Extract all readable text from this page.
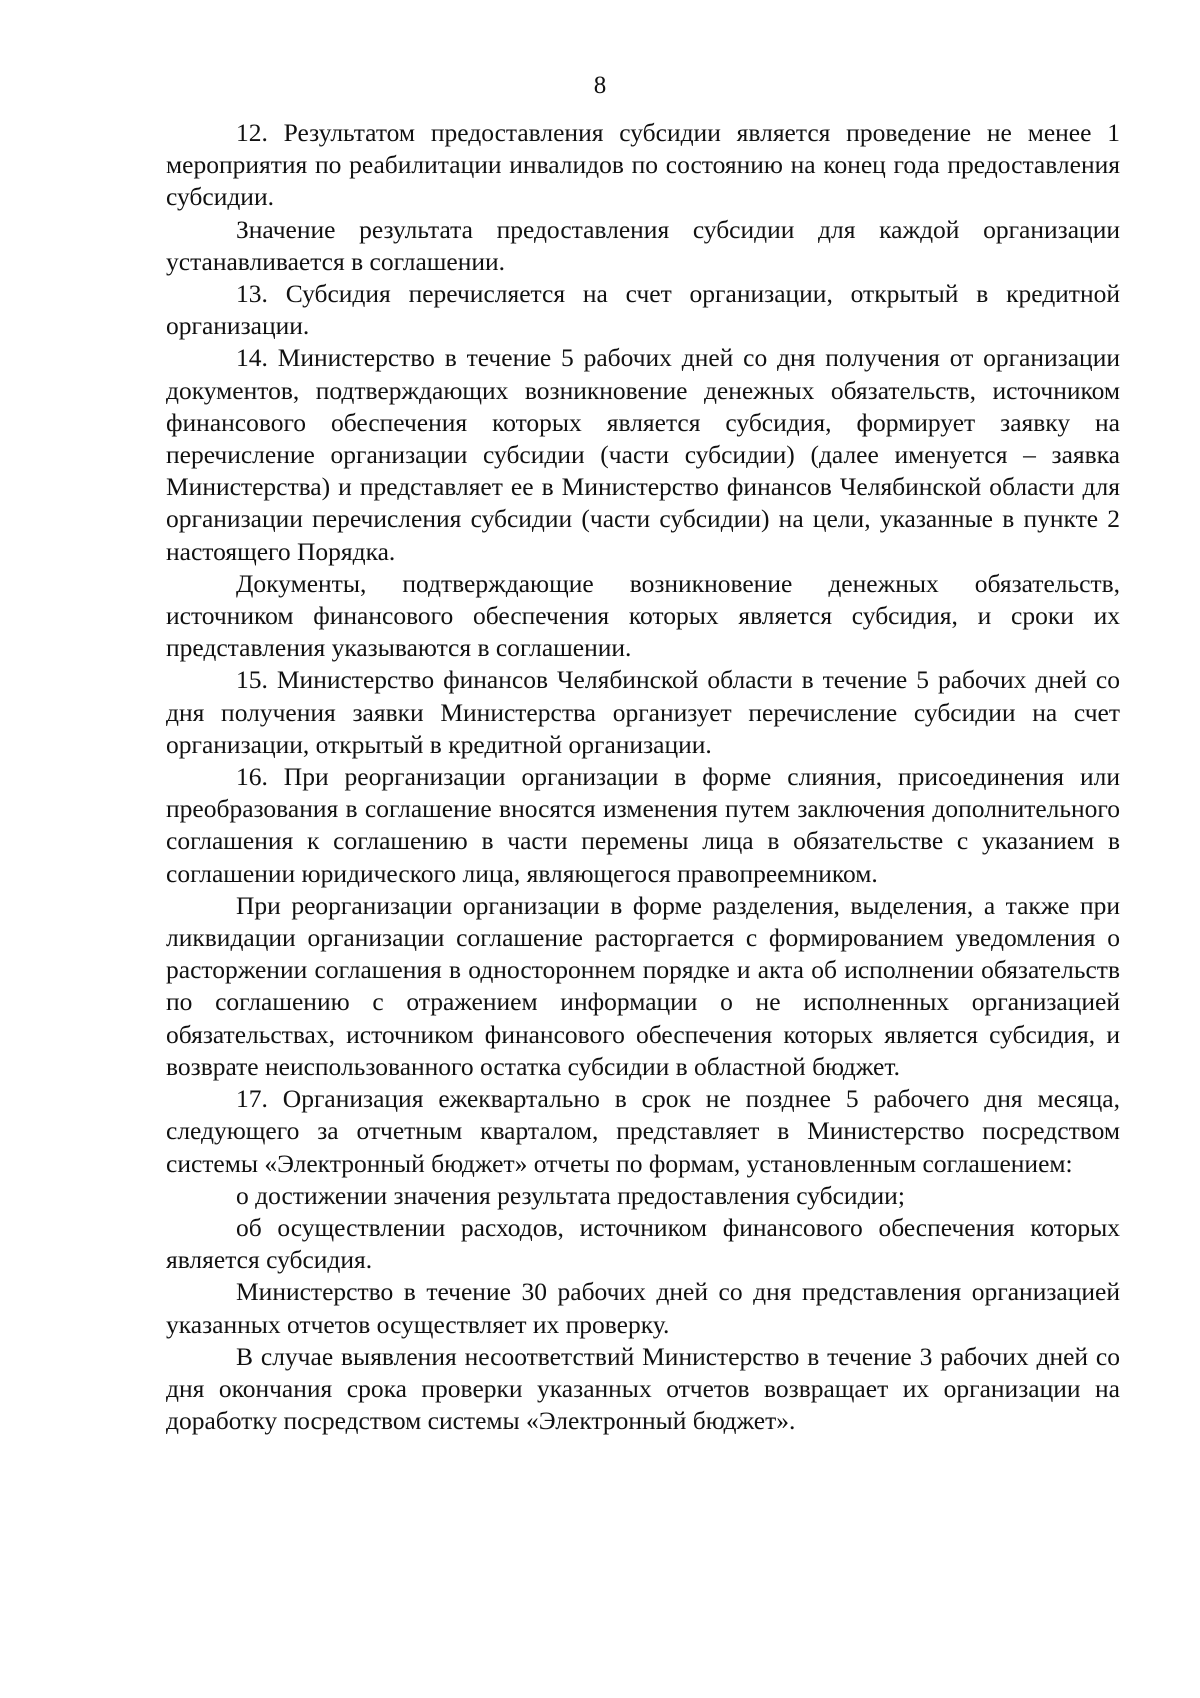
8

12. Результатом предоставления субсидии является проведение не менее 1 мероприятия по реабилитации инвалидов по состоянию на конец года предоставления субсидии.

Значение результата предоставления субсидии для каждой организации устанавливается в соглашении.

13. Субсидия перечисляется на счет организации, открытый в кредитной организации.

14. Министерство в течение 5 рабочих дней со дня получения от организации документов, подтверждающих возникновение денежных обязательств, источником финансового обеспечения которых является субсидия, формирует заявку на перечисление организации субсидии (части субсидии) (далее именуется – заявка Министерства) и представляет ее в Министерство финансов Челябинской области для организации перечисления субсидии (части субсидии) на цели, указанные в пункте 2 настоящего Порядка.

Документы, подтверждающие возникновение денежных обязательств, источником финансового обеспечения которых является субсидия, и сроки их представления указываются в соглашении.

15. Министерство финансов Челябинской области в течение 5 рабочих дней со дня получения заявки Министерства организует перечисление субсидии на счет организации, открытый в кредитной организации.

16. При реорганизации организации в форме слияния, присоединения или преобразования в соглашение вносятся изменения путем заключения дополнительного соглашения к соглашению в части перемены лица в обязательстве с указанием в соглашении юридического лица, являющегося правопреемником.

При реорганизации организации в форме разделения, выделения, а также при ликвидации организации соглашение расторгается с формированием уведомления о расторжении соглашения в одностороннем порядке и акта об исполнении обязательств по соглашению с отражением информации о не исполненных организацией обязательствах, источником финансового обеспечения которых является субсидия, и возврате неиспользованного остатка субсидии в областной бюджет.

17. Организация ежеквартально в срок не позднее 5 рабочего дня месяца, следующего за отчетным кварталом, представляет в Министерство посредством системы «Электронный бюджет» отчеты по формам, установленным соглашением:

о достижении значения результата предоставления субсидии;

об осуществлении расходов, источником финансового обеспечения которых является субсидия.

Министерство в течение 30 рабочих дней со дня представления организацией указанных отчетов осуществляет их проверку.

В случае выявления несоответствий Министерство в течение 3 рабочих дней со дня окончания срока проверки указанных отчетов возвращает их организации на доработку посредством системы «Электронный бюджет».
